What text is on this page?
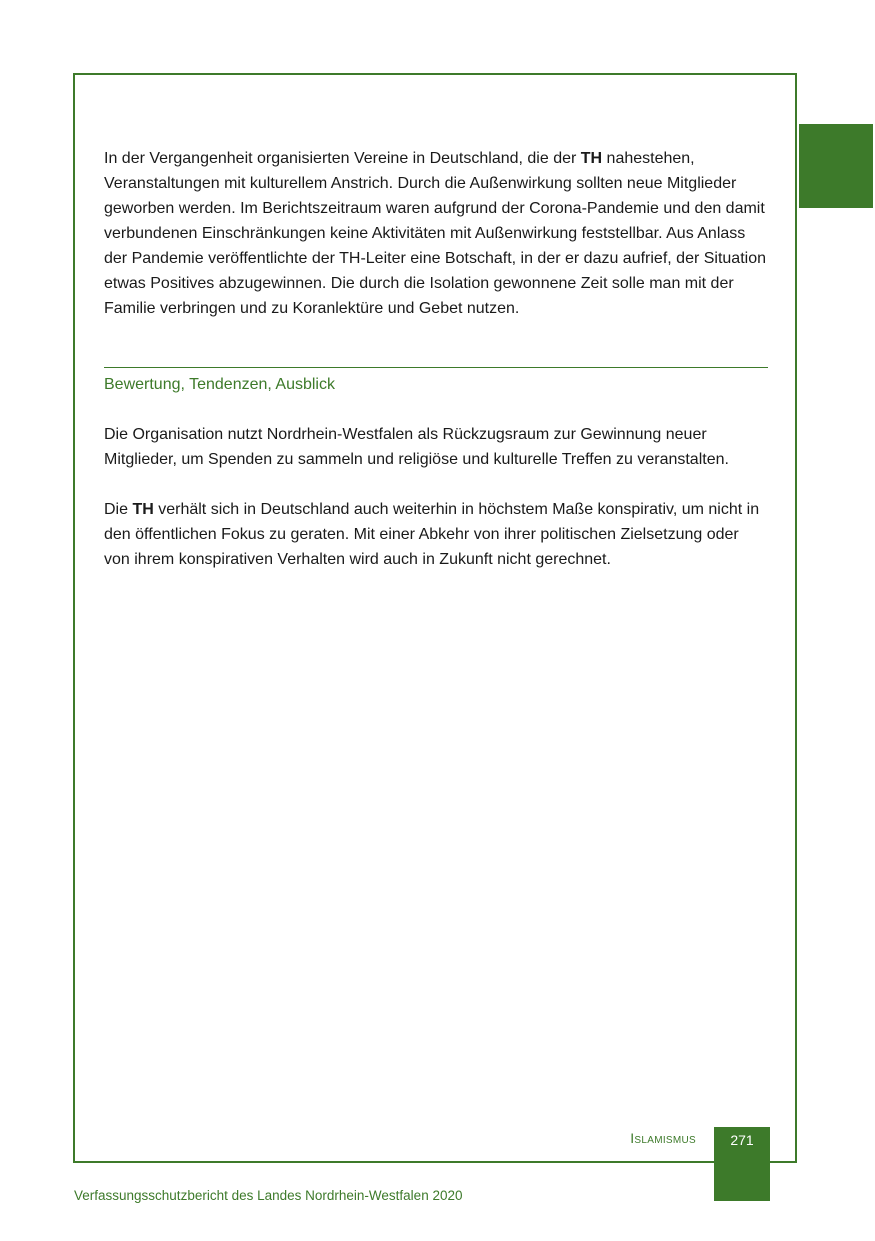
In der Vergangenheit organisierten Vereine in Deutschland, die der TH nahestehen, Veranstaltungen mit kulturellem Anstrich. Durch die Außenwirkung sollten neue Mitglieder geworben werden. Im Berichtszeitraum waren aufgrund der Corona-Pandemie und den damit verbundenen Einschränkungen keine Aktivitäten mit Außenwirkung feststellbar. Aus Anlass der Pandemie veröffentlichte der TH-Leiter eine Botschaft, in der er dazu aufrief, der Situation etwas Positives abzugewinnen. Die durch die Isolation gewonnene Zeit solle man mit der Familie verbringen und zu Koranlektüre und Gebet nutzen.

Bewertung, Tendenzen, Ausblick

Die Organisation nutzt Nordrhein-Westfalen als Rückzugsraum zur Gewinnung neuer Mitglieder, um Spenden zu sammeln und religiöse und kulturelle Treffen zu veranstalten.

Die TH verhält sich in Deutschland auch weiterhin in höchstem Maße konspirativ, um nicht in den öffentlichen Fokus zu geraten. Mit einer Abkehr von ihrer politischen Zielsetzung oder von ihrem konspirativen Verhalten wird auch in Zukunft nicht gerechnet.

Islamismus	271
Verfassungsschutzbericht des Landes Nordrhein-Westfalen 2020
